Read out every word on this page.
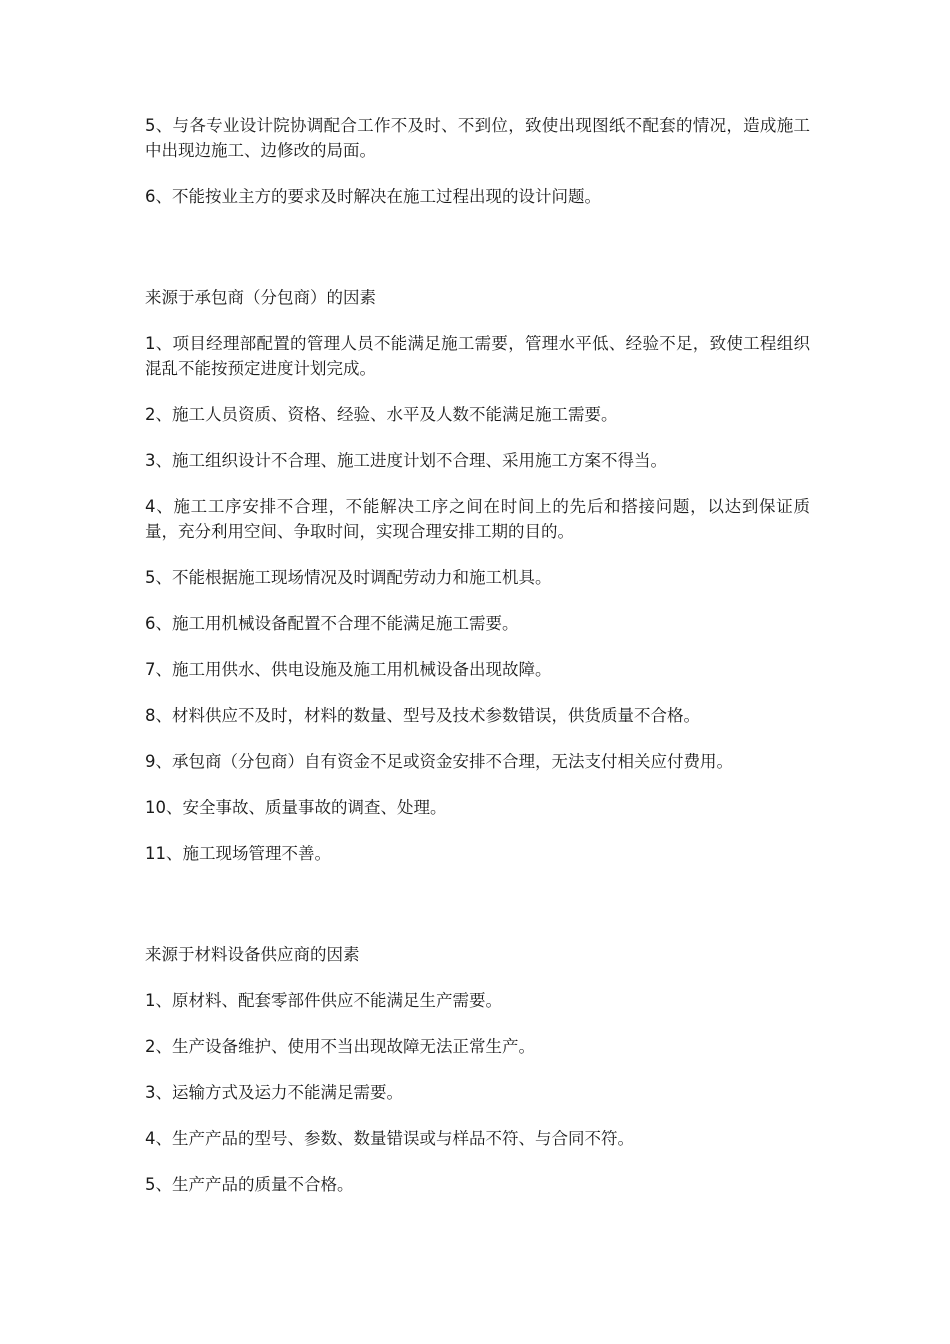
5、与各专业设计院协调配合工作不及时、不到位，致使出现图纸不配套的情况，造成施工中出现边施工、边修改的局面。

6、不能按业主方的要求及时解决在施工过程出现的设计问题。

来源于承包商（分包商）的因素

1、项目经理部配置的管理人员不能满足施工需要，管理水平低、经验不足，致使工程组织混乱不能按预定进度计划完成。

2、施工人员资质、资格、经验、水平及人数不能满足施工需要。

3、施工组织设计不合理、施工进度计划不合理、采用施工方案不得当。

4、施工工序安排不合理，不能解决工序之间在时间上的先后和搭接问题，以达到保证质量，充分利用空间、争取时间，实现合理安排工期的目的。

5、不能根据施工现场情况及时调配劳动力和施工机具。

6、施工用机械设备配置不合理不能满足施工需要。

7、施工用供水、供电设施及施工用机械设备出现故障。

8、材料供应不及时，材料的数量、型号及技术参数错误，供货质量不合格。

9、承包商（分包商）自有资金不足或资金安排不合理，无法支付相关应付费用。

10、安全事故、质量事故的调查、处理。

11、施工现场管理不善。

来源于材料设备供应商的因素

1、原材料、配套零部件供应不能满足生产需要。

2、生产设备维护、使用不当出现故障无法正常生产。

3、运输方式及运力不能满足需要。

4、生产产品的型号、参数、数量错误或与样品不符、与合同不符。

5、生产产品的质量不合格。
